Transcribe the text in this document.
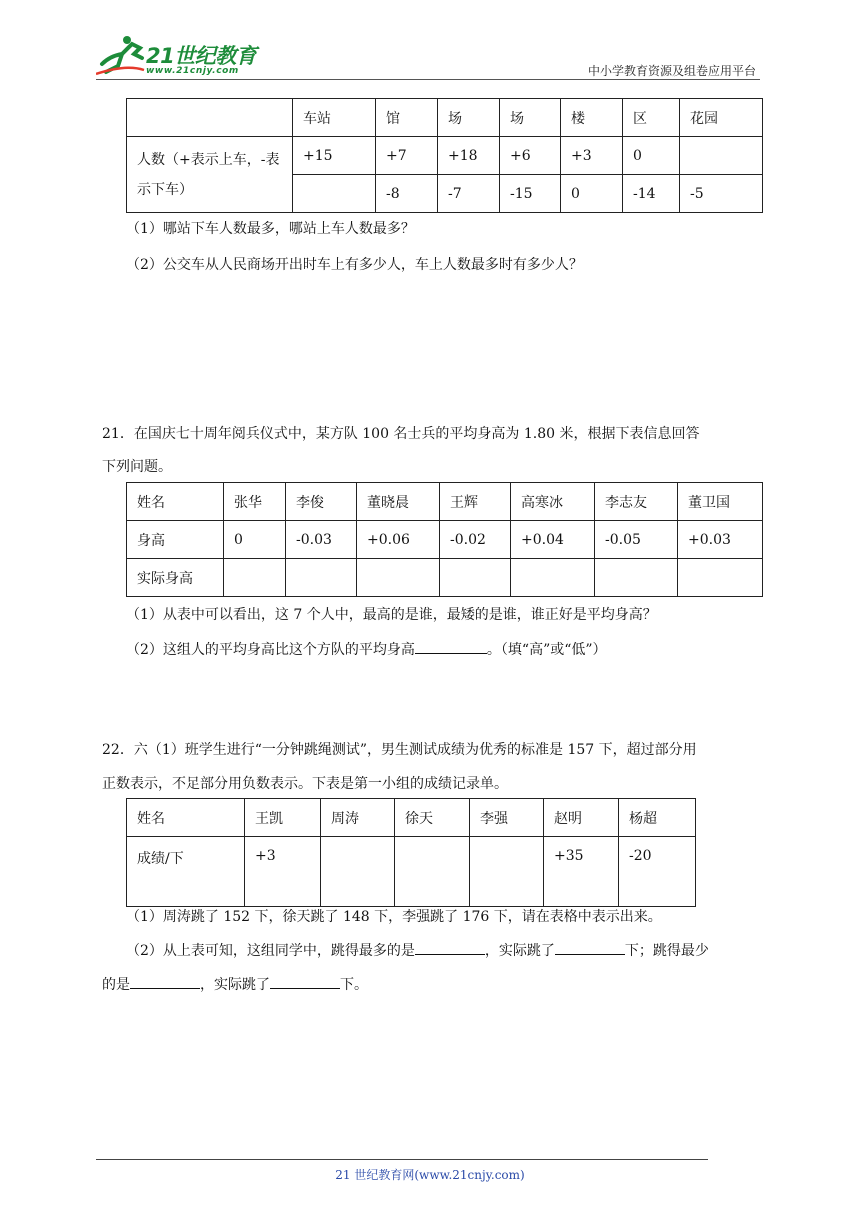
21世纪教育
www.21cnjy.com	中小学教育资源及组卷应用平台
	车站	馆	场	场	楼	区	花园
人数（+表示上车，-表示下车）	+15	+7	+18	+6	+3	0	
		-8	-7	-15	0	-14	-5
（1）哪站下车人数最多，哪站上车人数最多？
（2）公交车从人民商场开出时车上有多少人，车上人数最多时有多少人？
21．在国庆七十周年阅兵仪式中，某方队 100 名士兵的平均身高为 1.80 米，根据下表信息回答
下列问题。
姓名	张华	李俊	董晓晨	王辉	高寒冰	李志友	董卫国
身高	0	-0.03	+0.06	-0.02	+0.04	-0.05	+0.03
实际身高							
（1）从表中可以看出，这 7 个人中，最高的是谁，最矮的是谁，谁正好是平均身高？
（2）这组人的平均身高比这个方队的平均身高	。（填“高”或“低”）
22．六（1）班学生进行“一分钟跳绳测试”，男生测试成绩为优秀的标准是 157 下，超过部分用
正数表示，不足部分用负数表示。下表是第一小组的成绩记录单。
姓名	王凯	周涛	徐天	李强	赵明	杨超
成绩/下	+3				+35	-20
（1）周涛跳了 152 下，徐天跳了 148 下，李强跳了 176 下，请在表格中表示出来。
（2）从上表可知，这组同学中，跳得最多的是	，实际跳了	下；跳得最少
的是	，实际跳了	下。
21 世纪教育网(www.21cnjy.com)
